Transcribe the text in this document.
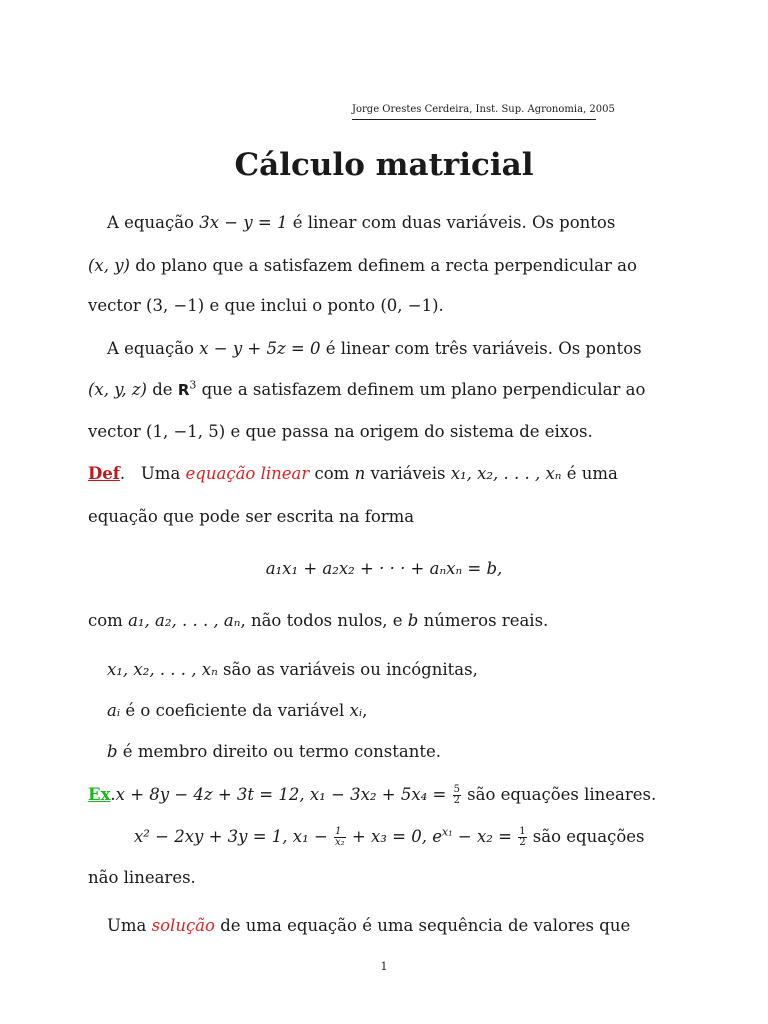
Jorge Orestes Cerdeira, Inst. Sup. Agronomia, 2005
Cálculo matricial
A equação 3x − y = 1 é linear com duas variáveis. Os pontos
(x, y) do plano que a satisfazem definem a recta perpendicular ao
vector (3, −1) e que inclui o ponto (0, −1).
A equação x − y + 5z = 0 é linear com três variáveis. Os pontos
(x, y, z) de $R^3$ que a satisfazem definem um plano perpendicular ao
vector (1, −1, 5) e que passa na origem do sistema de eixos.
Def.   Uma equação linear com n variáveis x₁, x₂, . . . , xₙ é uma
equação que pode ser escrita na forma
a₁x₁ + a₂x₂ + · · · + aₙxₙ = b,
com a₁, a₂, . . . , aₙ, não todos nulos, e b números reais.
x₁, x₂, . . . , xₙ são as variáveis ou incógnitas,
aᵢ é o coeficiente da variável xᵢ,
b é membro direito ou termo constante.
Ex.x + 8y − 4z + 3t = 12, $x_1 - 3x_2 + 5x_4 = \frac{5}{2}$ são equações lineares.
x² − 2xy + 3y = 1, $x_1 - \frac{1}{\text{x₂}} + x_3 = 0$, $e^{x_1} - x_2 = \frac{1}{2}$ são equações
não lineares.
Uma solução de uma equação é uma sequência de valores que
1
